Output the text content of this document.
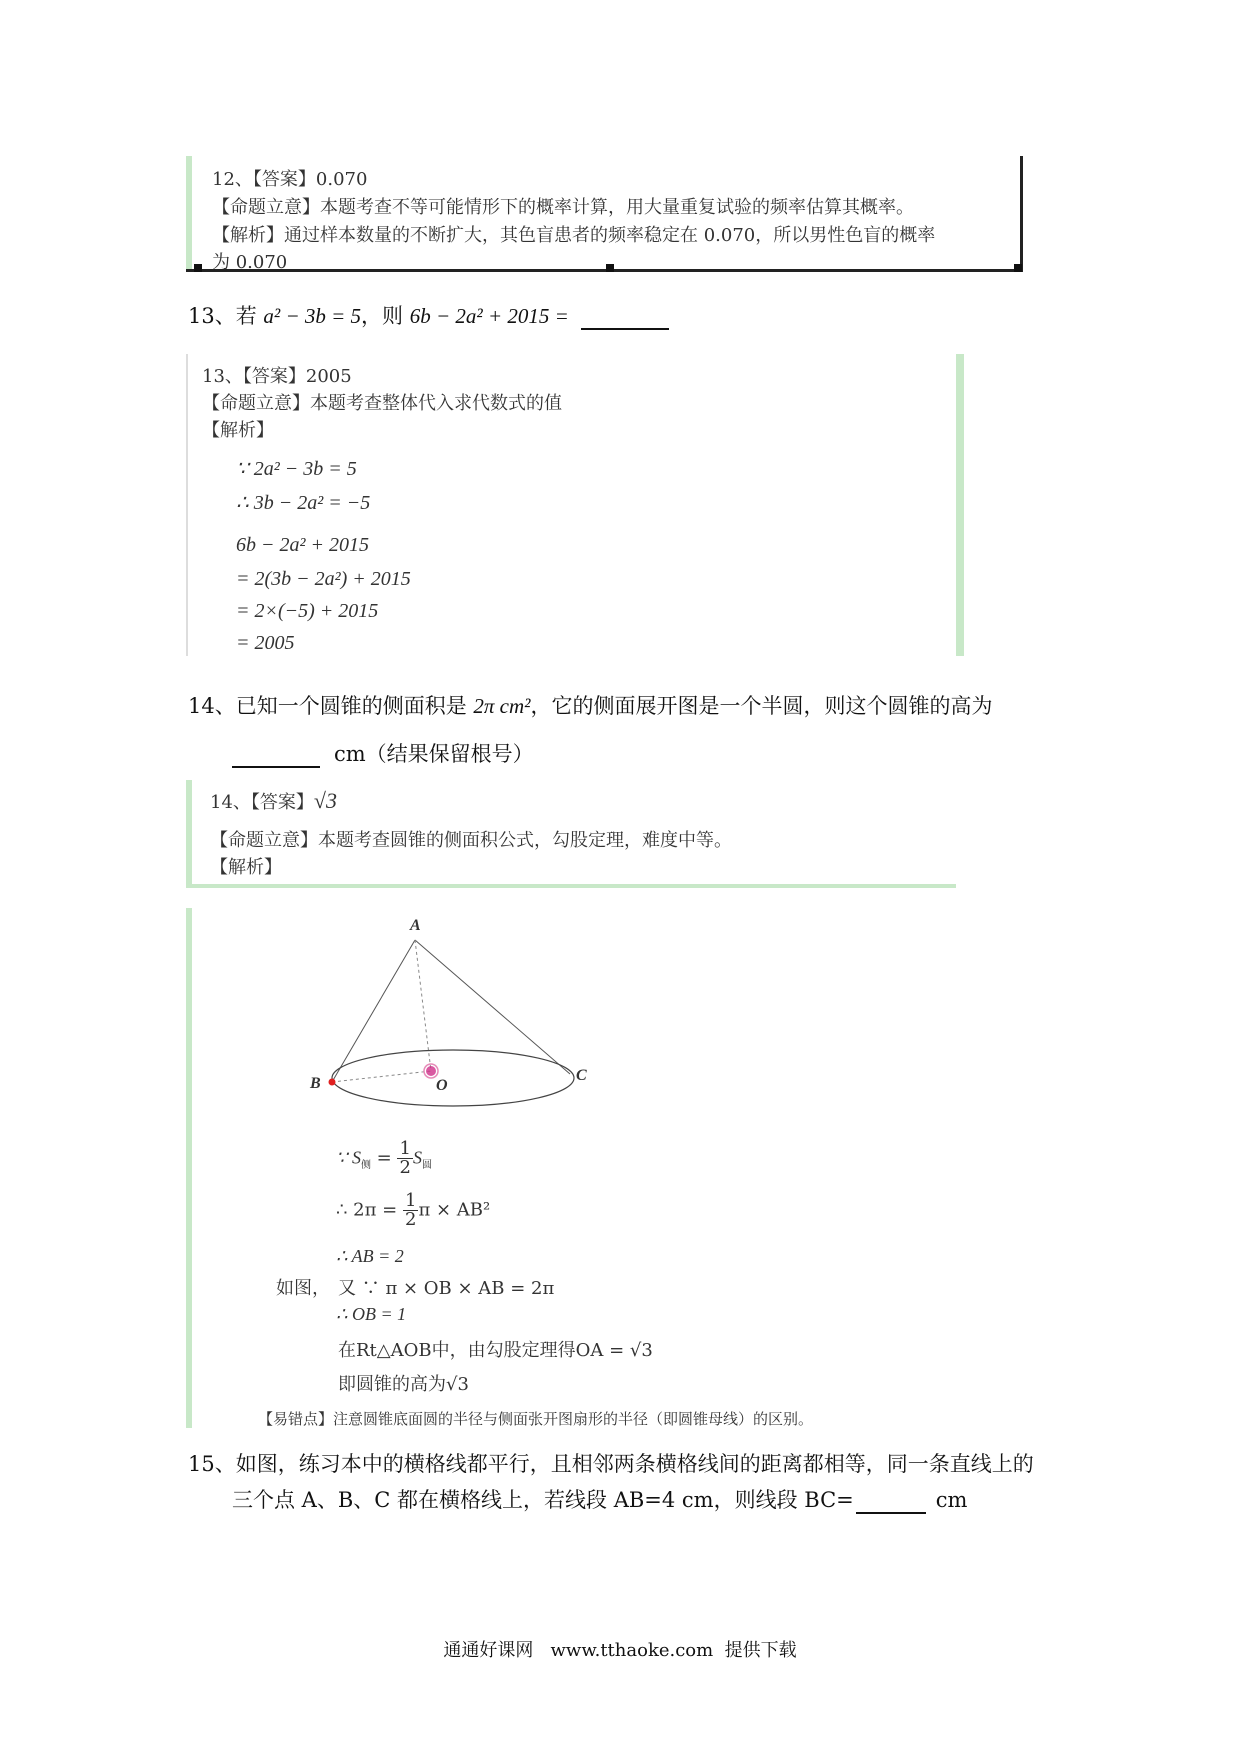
12、【答案】0.070
【命题立意】本题考查不等可能情形下的概率计算，用大量重复试验的频率估算其概率。
【解析】通过样本数量的不断扩大，其色盲患者的频率稳定在 0.070，所以男性色盲的概率
为 0.070
13、若 a² − 3b = 5，则 6b − 2a² + 2015 =
13、【答案】2005
【命题立意】本题考查整体代入求代数式的值
【解析】
∵ 2a² − 3b = 5
∴ 3b − 2a² = −5
6b − 2a² + 2015
= 2(3b − 2a²) + 2015
= 2×(−5) + 2015
= 2005
14、已知一个圆锥的侧面积是 2π cm²，它的侧面展开图是一个半圆，则这个圆锥的高为
cm（结果保留根号）
14、【答案】√3
【命题立意】本题考查圆锥的侧面积公式，勾股定理，难度中等。
【解析】
A
B	O
C
∵ $S_侧 = \frac{1}{2} S_圆$
∴ $2\pi = \frac{1}{2}$ π × AB²
∴ AB = 2
如图， 又 ∵ π × OB × AB = 2π
∴ OB = 1
在Rt△AOB中，由勾股定理得OA = √3
即圆锥的高为√3
【易错点】注意圆锥底面圆的半径与侧面张开图扇形的半径（即圆锥母线）的区别。
15、如图，练习本中的横格线都平行，且相邻两条横格线间的距离都相等，同一条直线上的
三个点 A、B、C 都在横格线上，若线段 AB=4 cm，则线段 BC=	cm
通通好课网   www.tthaoke.com  提供下载
